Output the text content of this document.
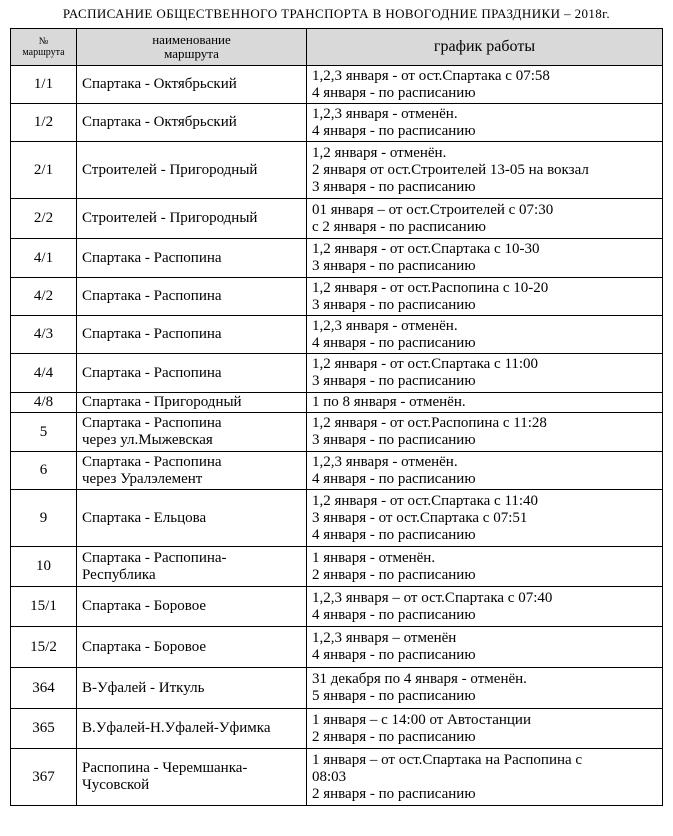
РАСПИСАНИЕ ОБЩЕСТВЕННОГО ТРАНСПОРТА В НОВОГОДНИЕ ПРАЗДНИКИ – 2018г.
№
маршрута	наименование
маршрута	график работы
1/1	Спартака - Октябрьский	1,2,3 января - от ост.Спартака с 07:58
4 января - по расписанию

1/2	Спартака - Октябрьский	1,2,3 января - отменён.
4 января - по расписанию

2/1	Строителей - Пригородный	1,2 января - отменён.
2 января от ост.Строителей 13-05 на вокзал
3 января - по расписанию

2/2	Строителей - Пригородный	01 января – от ост.Строителей с 07:30
с 2 января - по расписанию

4/1	Спартака - Распопина	1,2 января - от ост.Спартака с 10-30
3 января - по расписанию

4/2	Спартака - Распопина	1,2 января - от ост.Распопина с 10-20
3 января - по расписанию

4/3	Спартака - Распопина	1,2,3 января - отменён.
4 января - по расписанию

4/4	Спартака - Распопина	1,2 января - от ост.Спартака с 11:00
3 января - по расписанию

4/8	Спартака - Пригородный	1 по 8 января - отменён.

5	Спартака - Распопина
через ул.Мыжевская	1,2 января - от ост.Распопина с 11:28
3 января - по расписанию

6	Спартака - Распопина
через Уралэлемент	1,2,3 января - отменён.
4 января - по расписанию

9	Спартака - Ельцова	1,2 января - от ост.Спартака с 11:40
3 января - от ост.Спартака с 07:51
4 января - по расписанию

10	Спартака - Распопина-
Республика	1 января - отменён.
2 января - по расписанию

15/1	Спартака - Боровое	1,2,3 января – от ост.Спартака с 07:40
4 января - по расписанию

15/2	Спартака - Боровое	1,2,3 января – отменён
4 января - по расписанию

364	В-Уфалей - Иткуль	31 декабря по 4 января - отменён.
5 января - по расписанию

365	В.Уфалей-Н.Уфалей-Уфимка	1 января – с 14:00 от Автостанции
2 января - по расписанию

367	Распопина - Черемшанка-
Чусовской	1 января – от ост.Спартака на Распопина с
08:03
2 января - по расписанию
